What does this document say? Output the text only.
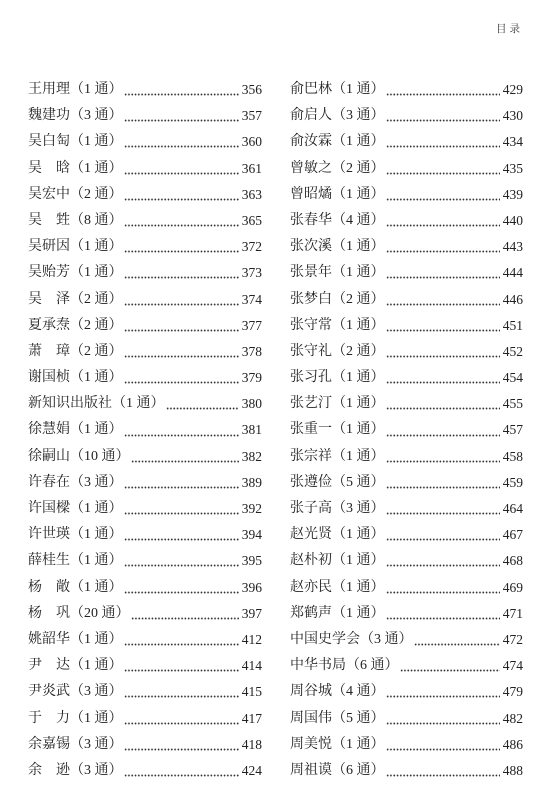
目录
王用理 （1 通）	356
魏建功 （3 通）	357
吴白匋 （1 通）	360
吴 晗 （1 通）	361
吴宏中 （2 通）	363
吴 甡 （8 通）	365
吴研因 （1 通）	372
吴贻芳 （1 通）	373
吴 泽 （2 通）	374
夏承焘 （2 通）	377
萧 璋 （2 通）	378
谢国桢 （1 通）	379
新知识出版社 （1 通）	380
徐慧娟 （1 通）	381
徐嗣山 （10 通）	382
许春在 （3 通）	389
许国樑 （1 通）	392
许世瑛 （1 通）	394
薛桂生 （1 通）	395
杨 敞 （1 通）	396
杨 巩 （20 通）	397
姚韶华 （1 通）	412
尹 达 （1 通）	414
尹炎武 （3 通）	415
于 力 （1 通）	417
余嘉锡 （3 通）	418
余 逊 （3 通）	424
俞巴林 （1 通）	429
俞启人 （3 通）	430
俞汝霖 （1 通）	434
曾敏之 （2 通）	435
曾昭燏 （1 通）	439
张春华 （4 通）	440
张次溪 （1 通）	443
张景年 （1 通）	444
张梦白 （2 通）	446
张守常 （1 通）	451
张守礼 （2 通）	452
张习孔 （1 通）	454
张艺汀 （1 通）	455
张重一 （1 通）	457
张宗祥 （1 通）	458
张遵俭 （5 通）	459
张子高 （3 通）	464
赵光贤 （1 通）	467
赵朴初 （1 通）	468
赵亦民 （1 通）	469
郑鹤声 （1 通）	471
中国史学会 （3 通）	472
中华书局 （6 通）	474
周谷城 （4 通）	479
周国伟 （5 通）	482
周美悦 （1 通）	486
周祖谟 （6 通）	488
